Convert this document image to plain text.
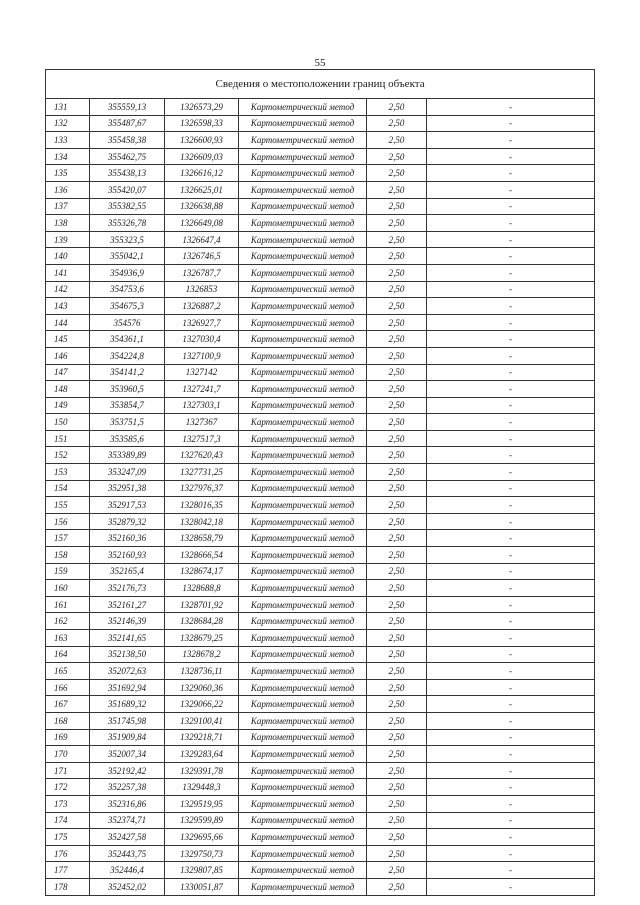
55
Сведения о местоположении границ объекта					
131	355559,13	1326573,29	Картометрический метод	2,50	-
132	355487,67	1326598,33	Картометрический метод	2,50	-
133	355458,38	1326600,93	Картометрический метод	2,50	-
134	355462,75	1326609,03	Картометрический метод	2,50	-
135	355438,13	1326616,12	Картометрический метод	2,50	-
136	355420,07	1326625,01	Картометрический метод	2,50	-
137	355382,55	1326638,88	Картометрический метод	2,50	-
138	355326,78	1326649,08	Картометрический метод	2,50	-
139	355323,5	1326647,4	Картометрический метод	2,50	-
140	355042,1	1326746,5	Картометрический метод	2,50	-
141	354936,9	1326787,7	Картометрический метод	2,50	-
142	354753,6	1326853	Картометрический метод	2,50	-
143	354675,3	1326887,2	Картометрический метод	2,50	-
144	354576	1326927,7	Картометрический метод	2,50	-
145	354361,1	1327030,4	Картометрический метод	2,50	-
146	354224,8	1327100,9	Картометрический метод	2,50	-
147	354141,2	1327142	Картометрический метод	2,50	-
148	353960,5	1327241,7	Картометрический метод	2,50	-
149	353854,7	1327303,1	Картометрический метод	2,50	-
150	353751,5	1327367	Картометрический метод	2,50	-
151	353585,6	1327517,3	Картометрический метод	2,50	-
152	353389,89	1327620,43	Картометрический метод	2,50	-
153	353247,09	1327731,25	Картометрический метод	2,50	-
154	352951,38	1327976,37	Картометрический метод	2,50	-
155	352917,53	1328016,35	Картометрический метод	2,50	-
156	352879,32	1328042,18	Картометрический метод	2,50	-
157	352160,36	1328658,79	Картометрический метод	2,50	-
158	352160,93	1328666,54	Картометрический метод	2,50	-
159	352165,4	1328674,17	Картометрический метод	2,50	-
160	352176,73	1328688,8	Картометрический метод	2,50	-
161	352161,27	1328701,92	Картометрический метод	2,50	-
162	352146,39	1328684,28	Картометрический метод	2,50	-
163	352141,65	1328679,25	Картометрический метод	2,50	-
164	352138,50	1328678,2	Картометрический метод	2,50	-
165	352072,63	1328736,11	Картометрический метод	2,50	-
166	351692,94	1329060,36	Картометрический метод	2,50	-
167	351689,32	1329066,22	Картометрический метод	2,50	-
168	351745,98	1329100,41	Картометрический метод	2,50	-
169	351909,84	1329218,71	Картометрический метод	2,50	-
170	352007,34	1329283,64	Картометрический метод	2,50	-
171	352192,42	1329391,78	Картометрический метод	2,50	-
172	352257,38	1329448,3	Картометрический метод	2,50	-
173	352316,86	1329519,95	Картометрический метод	2,50	-
174	352374,71	1329599,89	Картометрический метод	2,50	-
175	352427,58	1329695,66	Картометрический метод	2,50	-
176	352443,75	1329750,73	Картометрический метод	2,50	-
177	352446,4	1329807,85	Картометрический метод	2,50	-
178	352452,02	1330051,87	Картометрический метод	2,50	-
